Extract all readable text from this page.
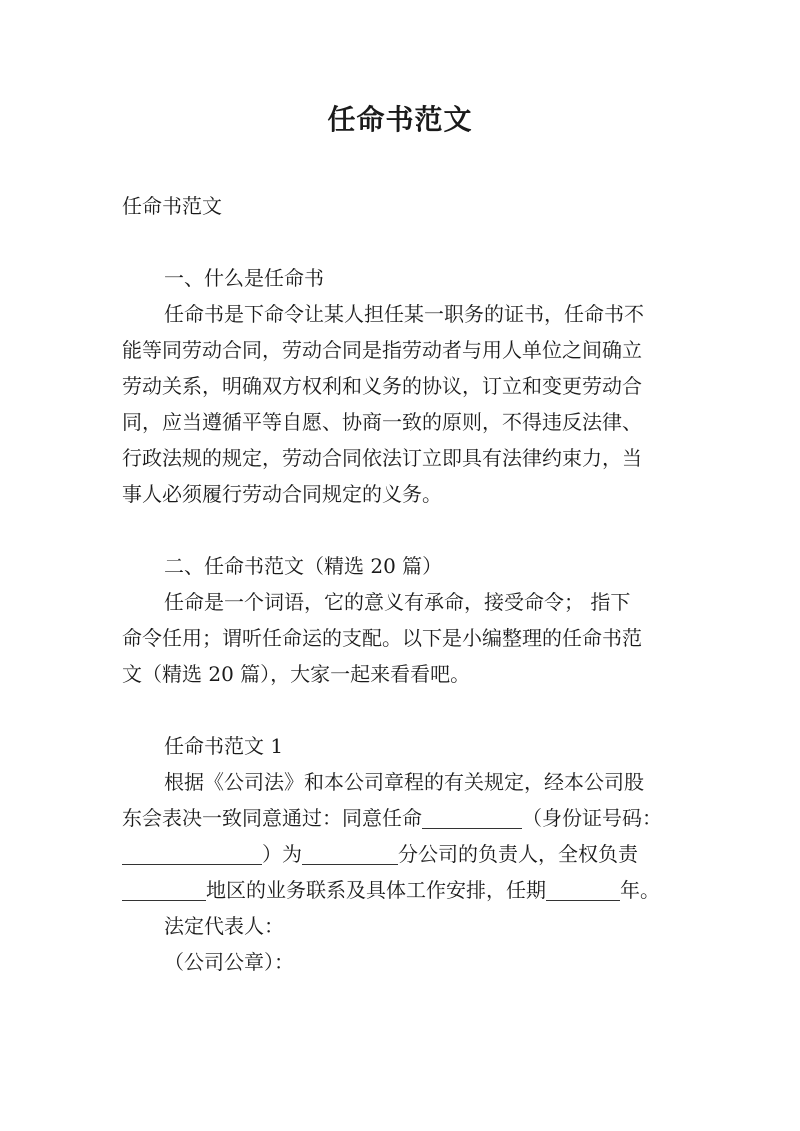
任命书范文
任命书范文
一、什么是任命书
任命书是下命令让某人担任某一职务的证书，任命书不
能等同劳动合同，劳动合同是指劳动者与用人单位之间确立
劳动关系，明确双方权利和义务的协议，订立和变更劳动合
同，应当遵循平等自愿、协商一致的原则，不得违反法律、
行政法规的规定，劳动合同依法订立即具有法律约束力，当
事人必须履行劳动合同规定的义务。
二、任命书范文（精选 20 篇）
任命是一个词语，它的意义有承命，接受命令； 指下
命令任用；谓听任命运的支配。以下是小编整理的任命书范
文（精选 20 篇），大家一起来看看吧。
任命书范文 1
根据《公司法》和本公司章程的有关规定，经本公司股
东会表决一致同意通过：同意任命	（身份证号码：
）为	分公司的负责人，全权负责
地区的业务联系及具体工作安排，任期	年。
法定代表人：
（公司公章）：
